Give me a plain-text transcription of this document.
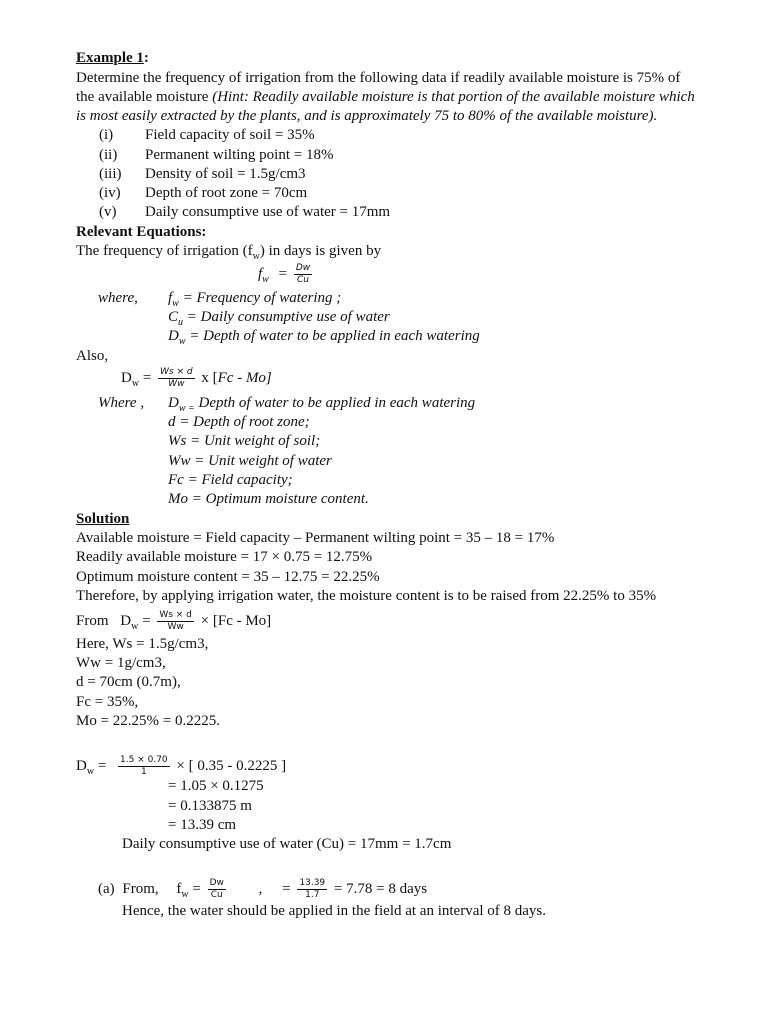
Example 1:
Determine the frequency of irrigation from the following data if readily available moisture is 75% of
the available moisture (Hint: Readily available moisture is that portion of the available moisture which
is most easily extracted by the plants, and is approximately 75 to 80% of the available moisture).
(i) Field capacity of soil = 35%
(ii) Permanent wilting point = 18%
(iii) Density of soil = 1.5g/cm3
(iv) Depth of root zone = 70cm
(v) Daily consumptive use of water = 17mm
Relevant Equations:
The frequency of irrigation $(f_w)$ in days is given by
$f_w = \frac{Dw}{Cu}$
where, $f_w$ = Frequency of watering ;
$C_u$ = Daily consumptive use of water
$D_w$ = Depth of water to be applied in each watering
Also,
$D_w = \frac{Ws \times d}{Ww}$ x [Fc - Mo]
Where , $D_{w =}$ Depth of water to be applied in each watering
d = Depth of root zone;
Ws = Unit weight of soil;
Ww = Unit weight of water
Fc = Field capacity;
Mo = Optimum moisture content.
Solution
Available moisture = Field capacity – Permanent wilting point = 35 – 18 = 17%
Readily available moisture = 17 × 0.75 = 12.75%
Optimum moisture content = 35 – 12.75 = 22.25%
Therefore, by applying irrigation water, the moisture content is to be raised from 22.25% to 35%
From $D_w = \frac{Ws \times d}{Ww} \times [Fc - Mo]$
Here, Ws = 1.5g/cm3,
Ww = 1g/cm3,
d = 70cm (0.7m),
Fc = 35%,
Mo = 22.25% = 0.2225.
$D_w = \frac{1.5 \times 0.70}{1}$ × [ 0.35 - 0.2225 ]
= 1.05 × 0.1275
= 0.133875 m
= 13.39 cm
Daily consumptive use of water (Cu) = 17mm = 1.7cm
(a) From, $f_w = \frac{Dw}{Cu}$ , = $\frac{13.39}{1.7} = 7.78 = 8$ days
Hence, the water should be applied in the field at an interval of 8 days.
